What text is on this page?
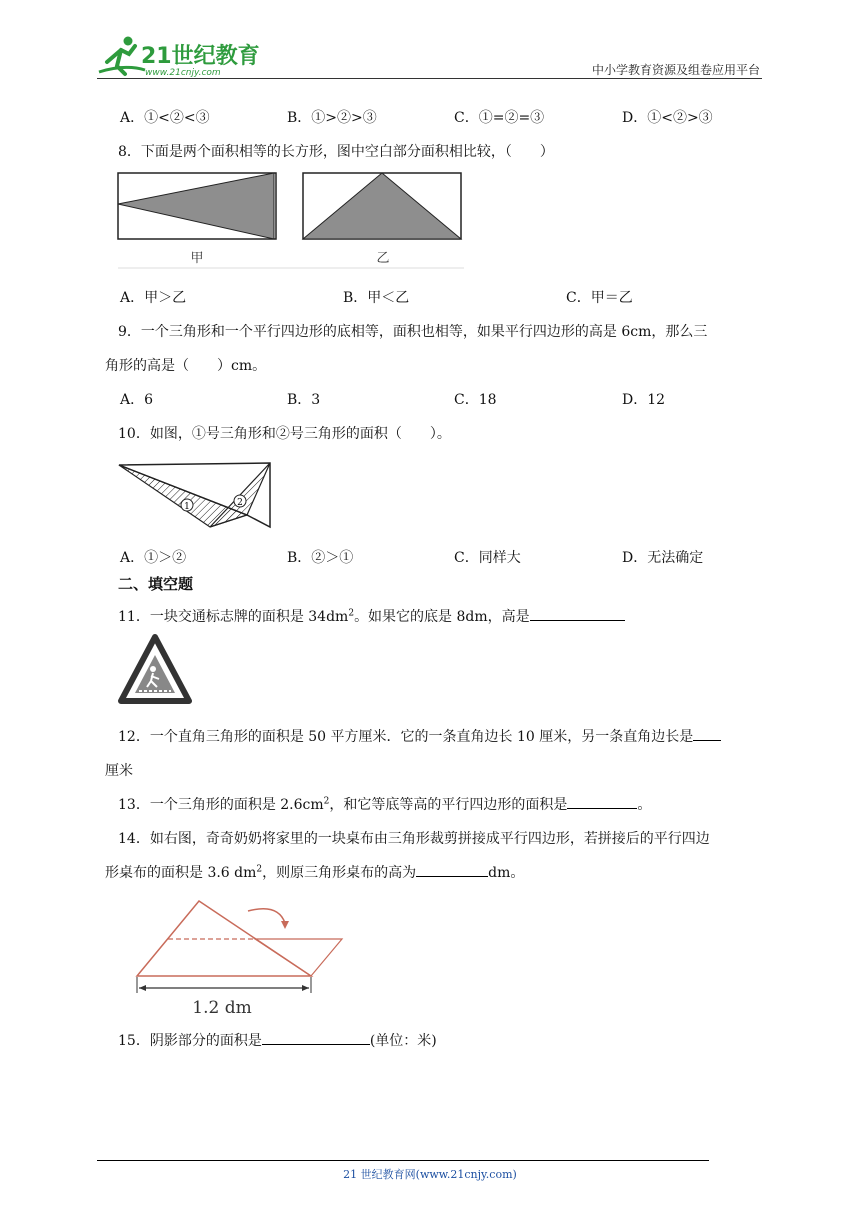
21世纪教育
www.21cnjy.com	中小学教育资源及组卷应用平台
A．①<②<③	B．①>②>③	C．①=②=③	D．①<②>③
8．下面是两个面积相等的长方形，图中空白部分面积相比较，（　　）
甲	乙
A．甲＞乙	B．甲＜乙	C．甲＝乙
9．一个三角形和一个平行四边形的底相等，面积也相等，如果平行四边形的高是 6cm，那么三
角形的高是（　　）cm。
A．6	B．3	C．18	D．12
10．如图，①号三角形和②号三角形的面积（　　）。
1	2
A．①＞②	B．②＞①	C．同样大	D．无法确定
二、填空题
11．一块交通标志牌的面积是 $34dm^2$。如果它的底是 8dm，高是
12．一个直角三角形的面积是 50 平方厘米．它的一条直角边长 10 厘米，另一条直角边长是
厘米
13．一个三角形的面积是 $2.6cm^2$，和它等底等高的平行四边形的面积是	。
14．如右图，奇奇奶奶将家里的一块桌布由三角形裁剪拼接成平行四边形，若拼接后的平行四边
形桌布的面积是 3.6 $dm^2$，则原三角形桌布的高为	dm。
1.2 dm
15．阴影部分的面积是	(单位：米)
21 世纪教育网(www.21cnjy.com)
